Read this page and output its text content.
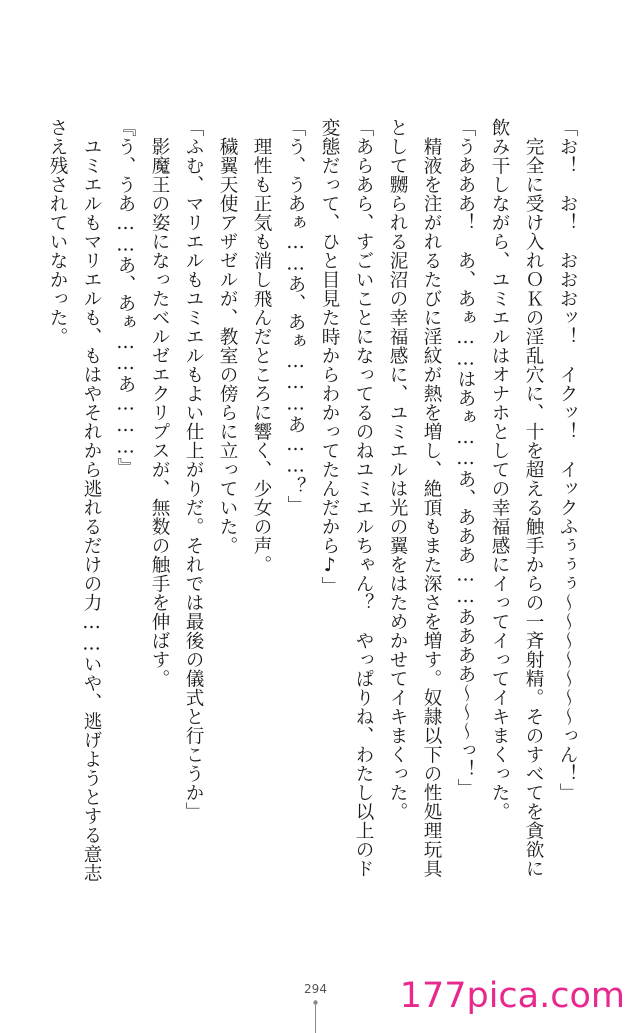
「お！　お！　おおおッ！　イクッ！　イックふぅぅぅ〜〜〜〜〜〜〜っん！」

　完全に受け入れＯＫの淫乱穴に、十を超える触手からの一斉射精。そのすべてを貪欲に

飲み干しながら、ユミエルはオナホとしての幸福感にイってイってイキまくった。

「うあああ！　あ、あぁ……はあぁ……あ、あああ……ああああ〜〜〜っ！」

　精液を注がれるたびに淫紋が熱を増し、絶頂もまた深さを増す。奴隷以下の性処理玩具

として嬲られる泥沼の幸福感に、ユミエルは光の翼をはためかせてイキまくった。

「あらあら、すごいことになってるのねユミエルちゃん？　やっぱりね、わたし以上のド

変態だって、ひと目見た時からわかってたんだから♪」

「う、うあぁ……あ、あぁ………あ……？」

　理性も正気も消し飛んだところに響く、少女の声。

　穢翼天使アザゼルが、教室の傍らに立っていた。

「ふむ、マリエルもユミエルもよい仕上がりだ。それでは最後の儀式と行こうか」

　影魔王の姿になったベルゼエクリプスが、無数の触手を伸ばす。

『う、うあ……あ、あぁ……あ………』

　ユミエルもマリエルも、もはやそれから逃れるだけの力……いや、逃げようとする意志

さえ残されていなかった。

294	177pica.com
